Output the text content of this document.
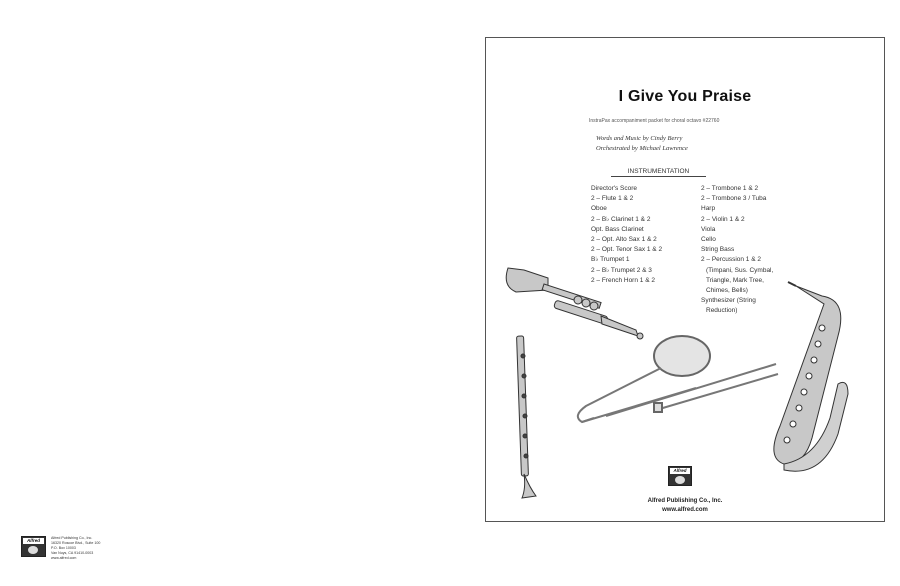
I Give You Praise
InstraPax accompaniment packet for choral octavo #22760
Words and Music by Cindy Berry
Orchestrated by Michael Lawrence
INSTRUMENTATION
Director's Score
2 – Flute 1 & 2
Oboe
2 – B♭ Clarinet 1 & 2
Opt. Bass Clarinet
2 – Opt. Alto Sax 1 & 2
2 – Opt. Tenor Sax 1 & 2
B♭ Trumpet 1
2 – B♭ Trumpet 2 & 3
2 – French Horn 1 & 2
2 – Trombone 1 & 2
2 – Trombone 3 / Tuba
Harp
2 – Violin 1 & 2
Viola
Cello
String Bass
2 – Percussion 1 & 2
(Timpani, Sus. Cymbal,
Triangle, Mark Tree,
Chimes, Bells)
Synthesizer (String
Reduction)
Alfred
Alfred Publishing Co., Inc.
www.alfred.com
Alfred	Alfred Publishing Co., Inc.
16320 Roscoe Blvd., Suite 100
P.O. Box 10003
Van Nuys, CA 91410-0003
www.alfred.com
